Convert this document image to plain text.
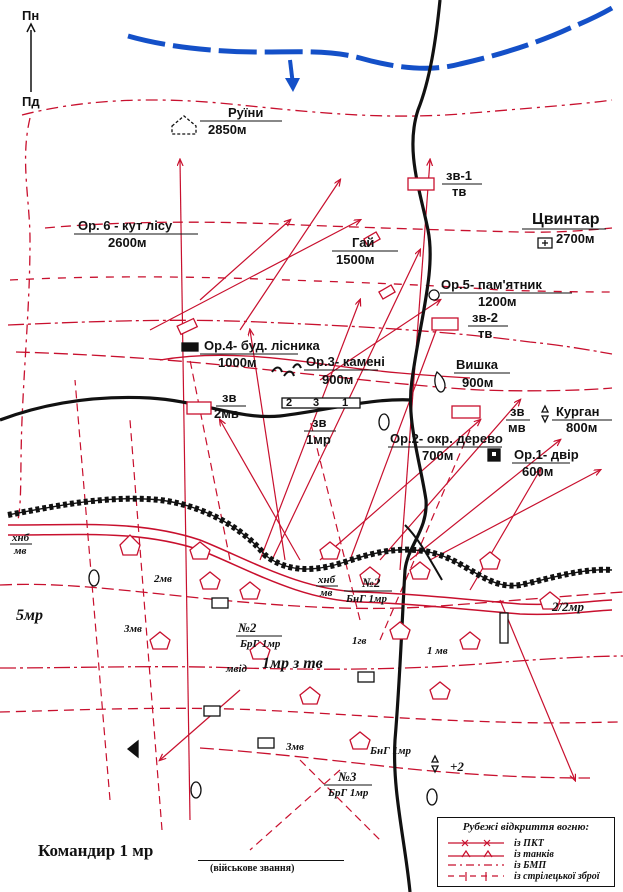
Пн
Пд
Руїни
2850м
Ор. 6 - кут лісу
2600м	Гай
1500м
Цвинтар
2700м
Ор.5- пам'ятник
1200м
Ор.4- буд. лісника
1000м	Ор.3- камені
900м
Вишка
900м
Курган
800м
Ор.2- окр. дерево
700м	Ор.1- двір
600м
зв-1
тв
зв-2
тв
зв
2мв
зв
1мр
зв
мв
2 3 1
хнб
мв
хнб
мв
5мр
2/2мр
2мв
3мв
мвід
№2
БрГ 1мр
№2
БнГ 1мр
1гв
1 мв
1мр з тв
3мв	БнГ 1мр
№3
БрГ 1мр
+2
Рубежі відкриття вогню:
із ПКТ
із танків
із БМП
із стрілецької зброї
Командир 1 мр
(військове звання)
